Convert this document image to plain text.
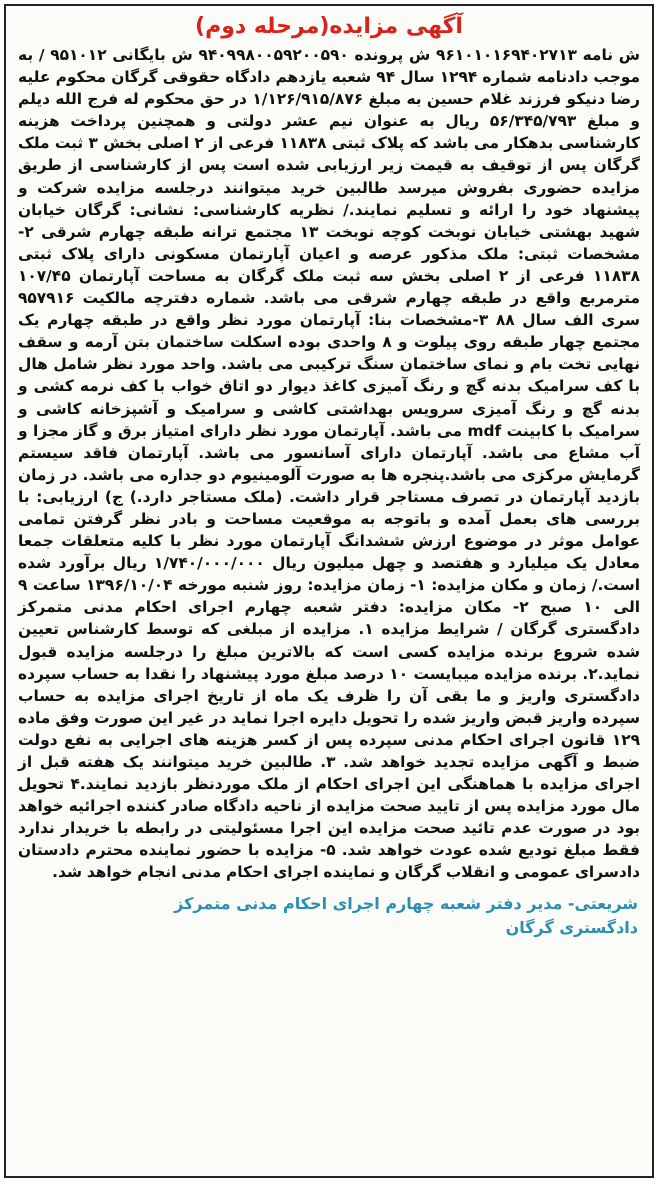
آگهی مزایده(مرحله دوم)

ش نامه ۹۶۱۰۱۰۱۶۹۴۰۲۷۱۳ ش پرونده ۹۴۰۹۹۸۰۰۵۹۲۰۰۵۹۰ ش بایگانی ۹۵۱۰۱۲ / به موجب دادنامه شماره ۱۲۹۴ سال ۹۴ شعبه یازدهم دادگاه حقوقی گرگان محکوم علیه رضا دنیکو فرزند غلام حسین به مبلغ ۱/۱۲۶/۹۱۵/۸۷۶ در حق محکوم له فرج الله دیلم و مبلغ ۵۶/۳۴۵/۷۹۳ ریال به عنوان نیم عشر دولتی و همچنین پرداخت هزینه کارشناسی بدهکار می باشد که پلاک ثبتی ۱۱۸۳۸ فرعی از ۲ اصلی بخش ۳ ثبت ملک گرگان پس از توقیف به قیمت زیر ارزیابی شده است پس از کارشناسی از طریق مزایده حضوری بفروش میرسد طالبین خرید میتوانند درجلسه مزایده شرکت و پیشنهاد خود را ارائه و تسلیم نمایند./ نظریه کارشناسی: نشانی: گرگان خیابان شهید بهشتی خیابان نوبخت کوچه نوبخت ۱۳ مجتمع ترانه طبقه چهارم شرقی ۲-مشخصات ثبتی: ملک مذکور عرصه و اعیان آپارتمان مسکونی دارای پلاک ثبتی ۱۱۸۳۸ فرعی از ۲ اصلی بخش سه ثبت ملک گرگان به مساحت آپارتمان ۱۰۷/۴۵ مترمربع واقع در طبقه چهارم شرقی می باشد. شماره دفترچه مالکیت ۹۵۷۹۱۶ سری الف سال ۸۸ ۳-مشخصات بنا: آپارتمان مورد نظر واقع در طبقه چهارم یک مجتمع چهار طبقه روی پیلوت و ۸ واحدی بوده اسکلت ساختمان بتن آرمه و سقف نهایی تخت بام و نمای ساختمان سنگ ترکیبی می باشد. واحد مورد نظر شامل هال با کف سرامیک بدنه گچ و رنگ آمیزی کاغذ دیوار دو اتاق خواب با کف نرمه کشی و بدنه گچ و رنگ آمیزی سرویس بهداشتی کاشی و سرامیک و آشپزخانه کاشی و سرامیک با کابینت mdf می باشد. آپارتمان مورد نظر دارای امتیاز برق و گاز مجزا و آب مشاع می باشد. آپارتمان دارای آسانسور می باشد. آپارتمان فاقد سیستم گرمایش مرکزی می باشد.پنجره ها به صورت آلومینیوم دو جداره می باشد. در زمان بازدید آپارتمان در تصرف مستاجر قرار داشت. (ملک مستاجر دارد.) ج) ارزیابی: با بررسی های بعمل آمده و باتوجه به موقعیت مساحت و بادر نظر گرفتن تمامی عوامل موثر در موضوع ارزش ششدانگ آپارتمان مورد نظر با کلیه متعلقات جمعا معادل یک میلیارد و هفتصد و چهل میلیون ریال ۱/۷۴۰/۰۰۰/۰۰۰ ریال برآورد شده است./ زمان و مکان مزایده: ۱- زمان مزایده: روز شنبه مورخه ۱۳۹۶/۱۰/۰۴ ساعت ۹ الی ۱۰ صبح ۲- مکان مزایده: دفتر شعبه چهارم اجرای احکام مدنی متمرکز دادگستری گرگان / شرایط مزایده ۱. مزایده از مبلغی که توسط کارشناس تعیین شده شروع برنده مزایده کسی است که بالاترین مبلغ را درجلسه مزایده قبول نماید.۲. برنده مزایده میبایست ۱۰ درصد مبلغ مورد پیشنهاد را نقدا به حساب سپرده دادگستری واریز و ما بقی آن را ظرف یک ماه از تاریخ اجرای مزایده به حساب سپرده واریز قبض واریز شده را تحویل دایره اجرا نماید در غیر این صورت وفق ماده ۱۲۹ قانون اجرای احکام مدنی سپرده پس از کسر هزینه های اجرایی به نفع دولت ضبط و آگهی مزایده تجدید خواهد شد. ۳. طالبین خرید میتوانند یک هفته قبل از اجرای مزایده با هماهنگی این اجرای احکام از ملک موردنظر بازدید نمایند.۴ تحویل مال مورد مزایده پس از تایید صحت مزایده از ناحیه دادگاه صادر کننده اجرائیه خواهد بود در صورت عدم تائید صحت مزایده این اجرا مسئولیتی در رابطه با خریدار ندارد فقط مبلغ تودیع شده عودت خواهد شد. ۵- مزایده با حضور نماینده محترم دادستان دادسرای عمومی و انقلاب گرگان و نماینده اجرای احکام مدنی انجام خواهد شد.

شریعتی- مدیر دفتر شعبه چهارم اجرای احکام مدنی متمرکز
دادگستری گرگان
